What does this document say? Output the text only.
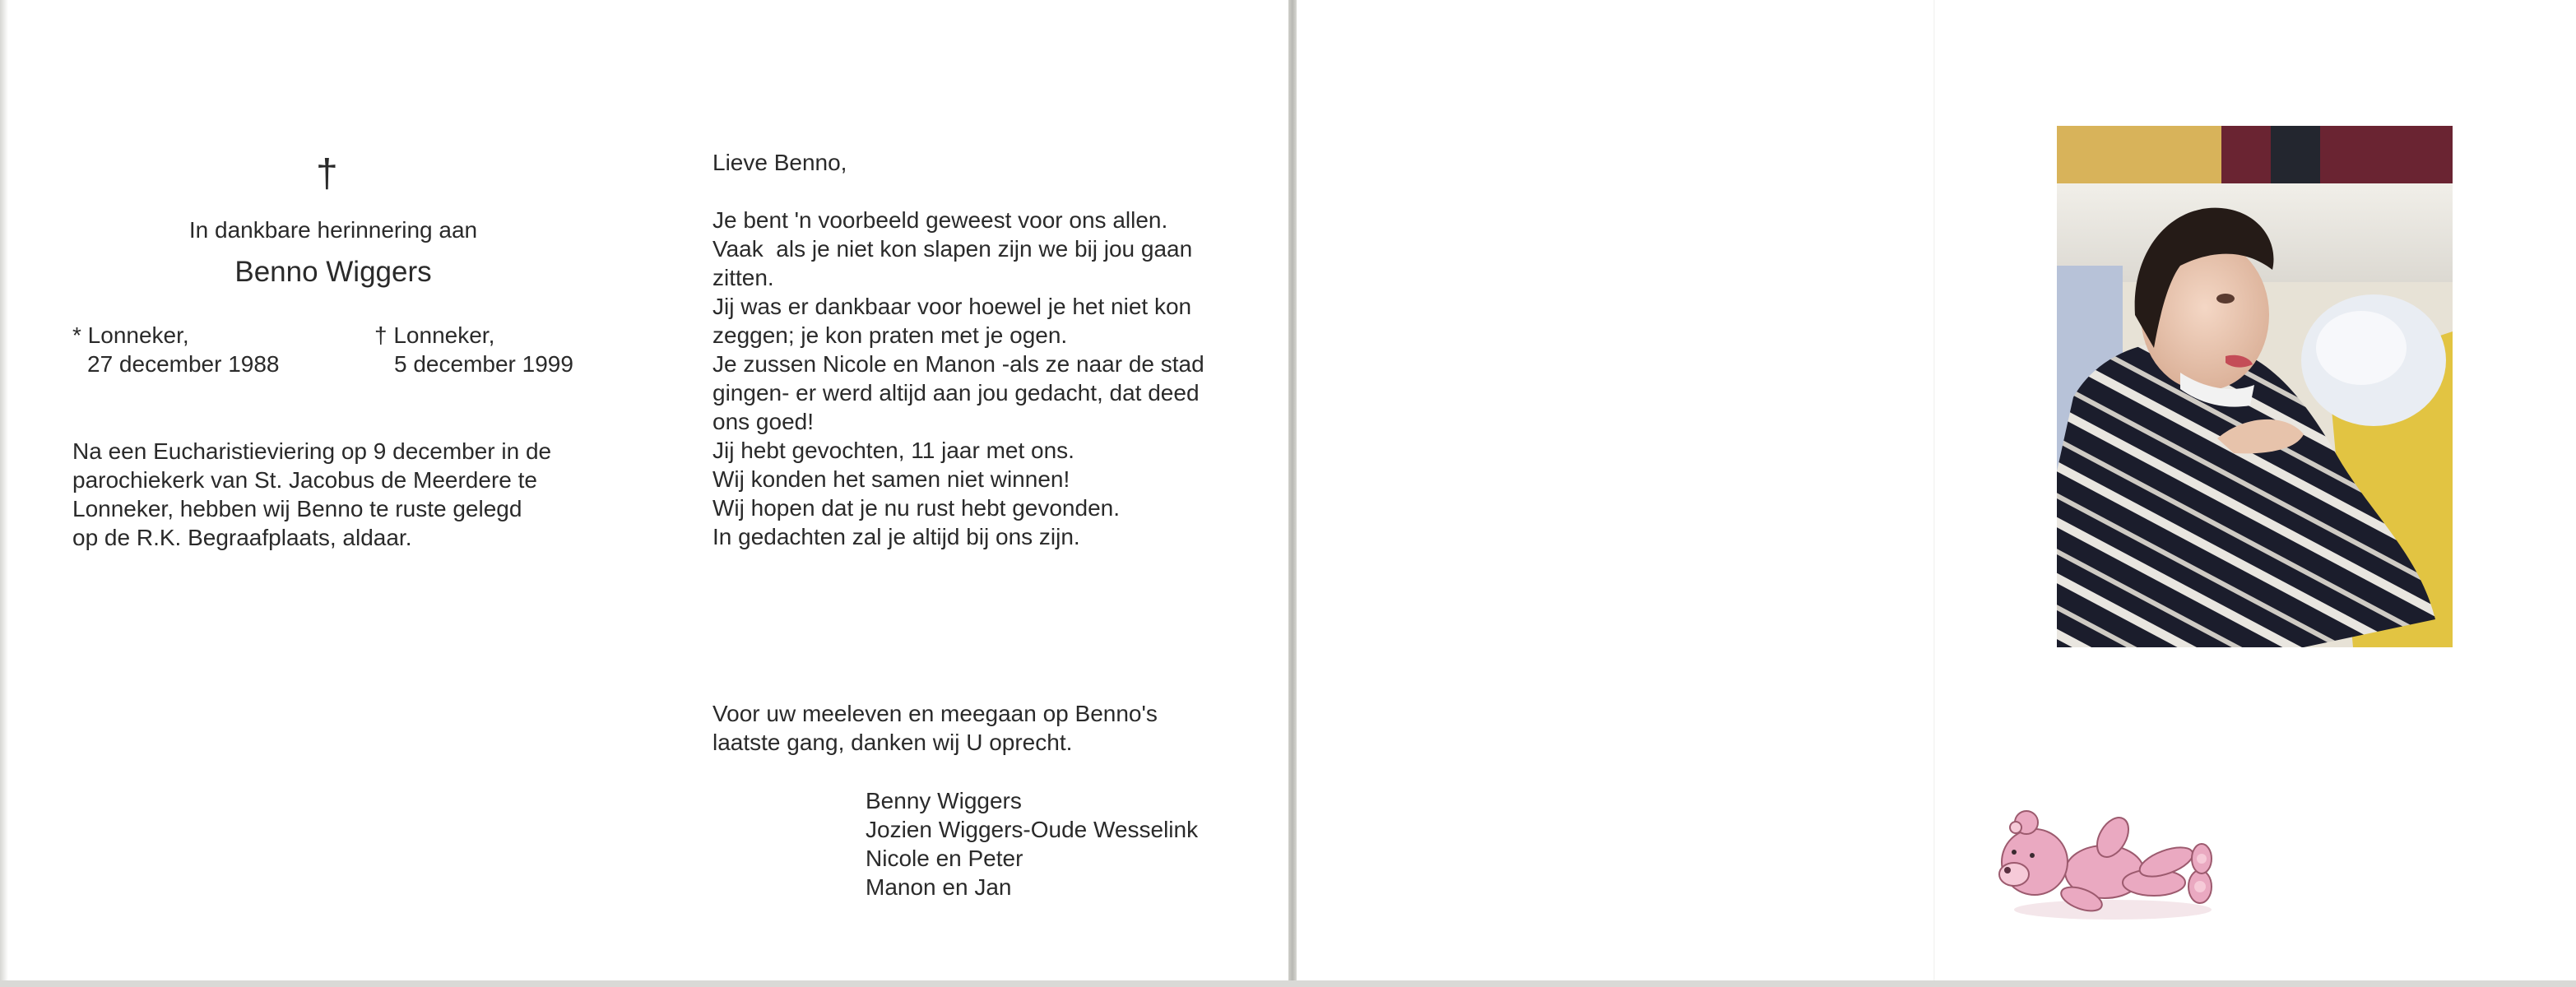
†

In dankbare herinnering aan

Benno Wiggers

* Lonneker,

27 december 1988

† Lonneker,

5 december 1999

Na een Eucharistieviering op 9 december in de

parochiekerk van St. Jacobus de Meerdere te

Lonneker, hebben wij Benno te ruste gelegd

op de R.K. Begraafplaats, aldaar.

Lieve Benno,

Je bent 'n voorbeeld geweest voor ons allen.

Vaak  als je niet kon slapen zijn we bij jou gaan

zitten.

Jij was er dankbaar voor hoewel je het niet kon

zeggen; je kon praten met je ogen.

Je zussen Nicole en Manon -als ze naar de stad

gingen- er werd altijd aan jou gedacht, dat deed

ons goed!

Jij hebt gevochten, 11 jaar met ons.

Wij konden het samen niet winnen!

Wij hopen dat je nu rust hebt gevonden.

In gedachten zal je altijd bij ons zijn.

Voor uw meeleven en meegaan op Benno's

laatste gang, danken wij U oprecht.

Benny Wiggers

Jozien Wiggers-Oude Wesselink

Nicole en Peter

Manon en Jan
